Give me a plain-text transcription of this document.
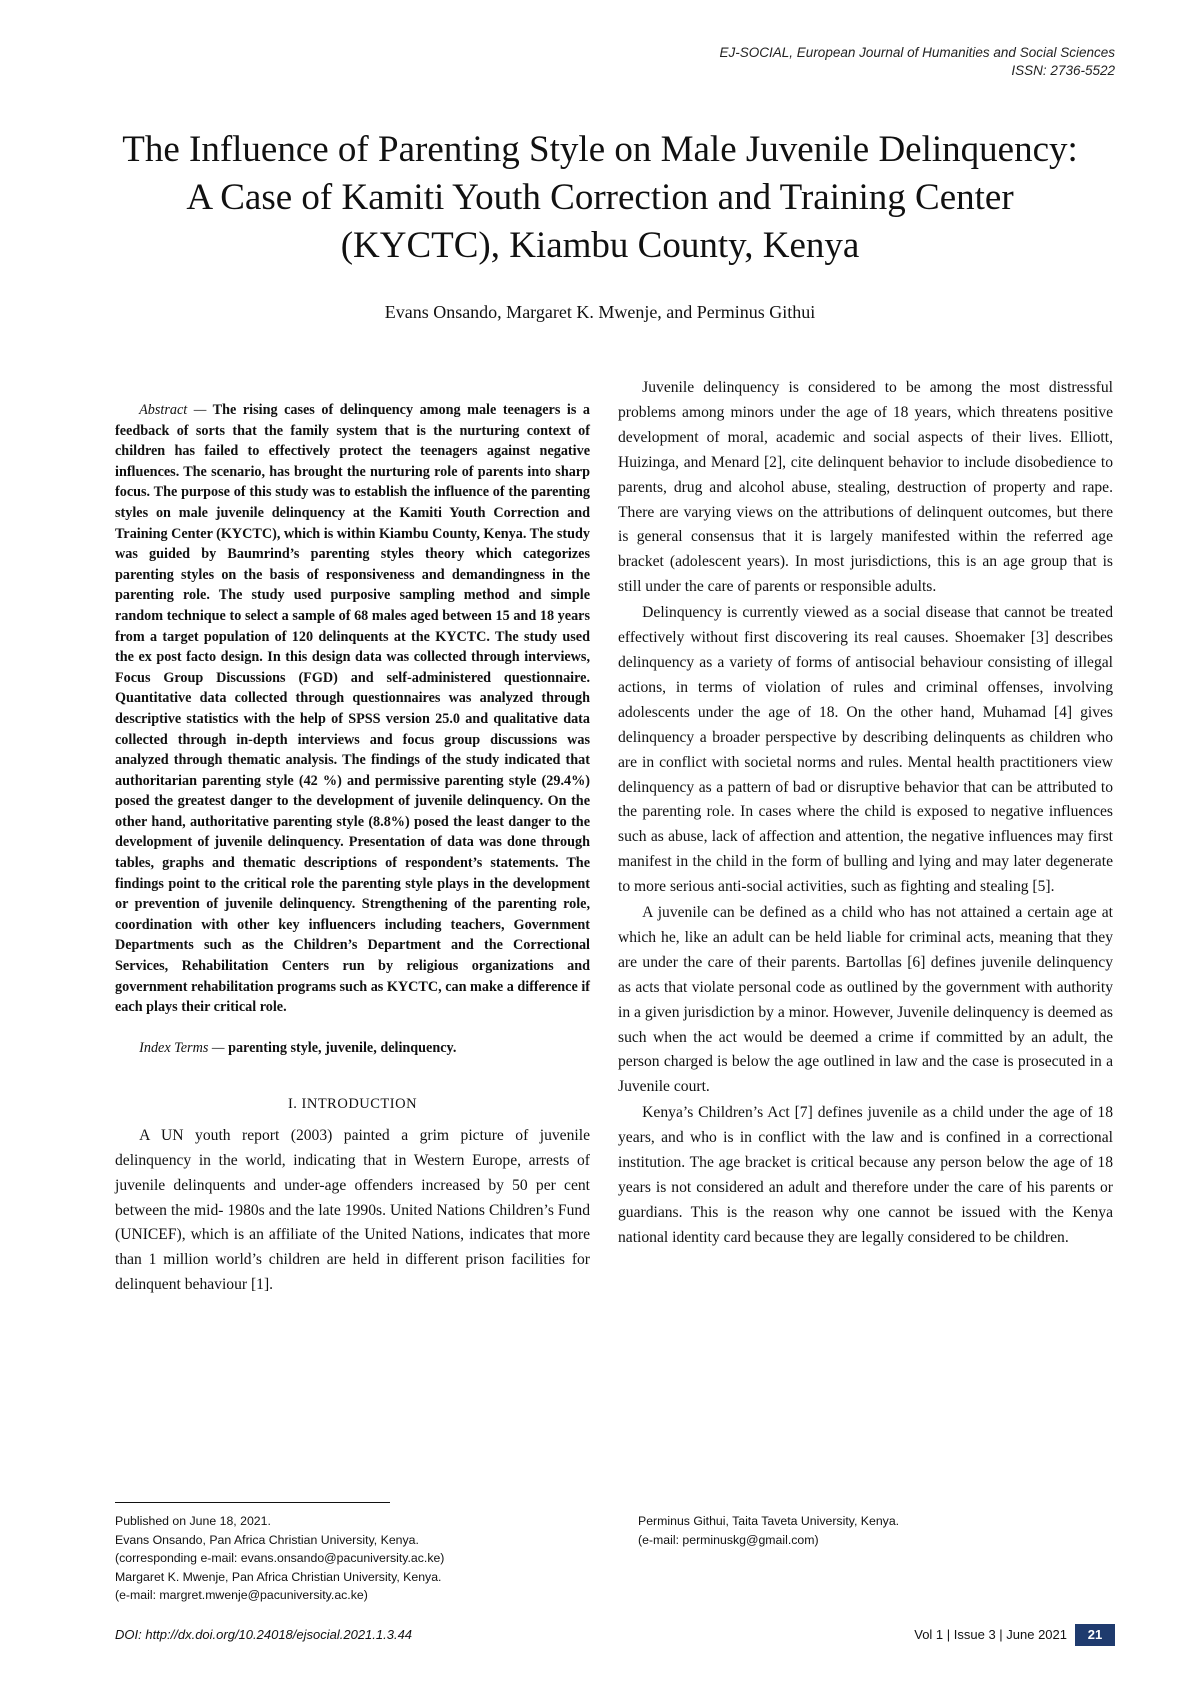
EJ-SOCIAL, European Journal of Humanities and Social Sciences
ISSN: 2736-5522
The Influence of Parenting Style on Male Juvenile Delinquency: A Case of Kamiti Youth Correction and Training Center (KYCTC), Kiambu County, Kenya
Evans Onsando, Margaret K. Mwenje, and Perminus Githui

Abstract — The rising cases of delinquency among male teenagers is a feedback of sorts that the family system that is the nurturing context of children has failed to effectively protect the teenagers against negative influences. The scenario, has brought the nurturing role of parents into sharp focus. The purpose of this study was to establish the influence of the parenting styles on male juvenile delinquency at the Kamiti Youth Correction and Training Center (KYCTC), which is within Kiambu County, Kenya. The study was guided by Baumrind’s parenting styles theory which categorizes parenting styles on the basis of responsiveness and demandingness in the parenting role. The study used purposive sampling method and simple random technique to select a sample of 68 males aged between 15 and 18 years from a target population of 120 delinquents at the KYCTC. The study used the ex post facto design. In this design data was collected through interviews, Focus Group Discussions (FGD) and self-administered questionnaire. Quantitative data collected through questionnaires was analyzed through descriptive statistics with the help of SPSS version 25.0 and qualitative data collected through in-depth interviews and focus group discussions was analyzed through thematic analysis. The findings of the study indicated that authoritarian parenting style (42 %) and permissive parenting style (29.4%) posed the greatest danger to the development of juvenile delinquency. On the other hand, authoritative parenting style (8.8%) posed the least danger to the development of juvenile delinquency. Presentation of data was done through tables, graphs and thematic descriptions of respondent’s statements. The findings point to the critical role the parenting style plays in the development or prevention of juvenile delinquency. Strengthening of the parenting role, coordination with other key influencers including teachers, Government Departments such as the Children’s Department and the Correctional Services, Rehabilitation Centers run by religious organizations and government rehabilitation programs such as KYCTC, can make a difference if each plays their critical role.

Index Terms — parenting style, juvenile, delinquency.

I. INTRODUCTION

A UN youth report (2003) painted a grim picture of juvenile delinquency in the world, indicating that in Western Europe, arrests of juvenile delinquents and under-age offenders increased by 50 per cent between the mid- 1980s and the late 1990s. United Nations Children’s Fund (UNICEF), which is an affiliate of the United Nations, indicates that more than 1 million world’s children are held in different prison facilities for delinquent behaviour [1].

Juvenile delinquency is considered to be among the most distressful problems among minors under the age of 18 years, which threatens positive development of moral, academic and social aspects of their lives. Elliott, Huizinga, and Menard [2], cite delinquent behavior to include disobedience to parents, drug and alcohol abuse, stealing, destruction of property and rape. There are varying views on the attributions of delinquent outcomes, but there is general consensus that it is largely manifested within the referred age bracket (adolescent years). In most jurisdictions, this is an age group that is still under the care of parents or responsible adults.

Delinquency is currently viewed as a social disease that cannot be treated effectively without first discovering its real causes. Shoemaker [3] describes delinquency as a variety of forms of antisocial behaviour consisting of illegal actions, in terms of violation of rules and criminal offenses, involving adolescents under the age of 18. On the other hand, Muhamad [4] gives delinquency a broader perspective by describing delinquents as children who are in conflict with societal norms and rules. Mental health practitioners view delinquency as a pattern of bad or disruptive behavior that can be attributed to the parenting role. In cases where the child is exposed to negative influences such as abuse, lack of affection and attention, the negative influences may first manifest in the child in the form of bulling and lying and may later degenerate to more serious anti-social activities, such as fighting and stealing [5].

A juvenile can be defined as a child who has not attained a certain age at which he, like an adult can be held liable for criminal acts, meaning that they are under the care of their parents. Bartollas [6] defines juvenile delinquency as acts that violate personal code as outlined by the government with authority in a given jurisdiction by a minor. However, Juvenile delinquency is deemed as such when the act would be deemed a crime if committed by an adult, the person charged is below the age outlined in law and the case is prosecuted in a Juvenile court.

Kenya’s Children’s Act [7] defines juvenile as a child under the age of 18 years, and who is in conflict with the law and is confined in a correctional institution. The age bracket is critical because any person below the age of 18 years is not considered an adult and therefore under the care of his parents or guardians. This is the reason why one cannot be issued with the Kenya national identity card because they are legally considered to be children.

Published on June 18, 2021.
Evans Onsando, Pan Africa Christian University, Kenya.
(corresponding e-mail: evans.onsando@pacuniversity.ac.ke)
Margaret K. Mwenje, Pan Africa Christian University, Kenya.
(e-mail: margret.mwenje@pacuniversity.ac.ke)
Perminus Githui, Taita Taveta University, Kenya.
(e-mail: perminuskg@gmail.com)
DOI: http://dx.doi.org/10.24018/ejsocial.2021.1.3.44	Vol 1 | Issue 3 | June 2021	21
